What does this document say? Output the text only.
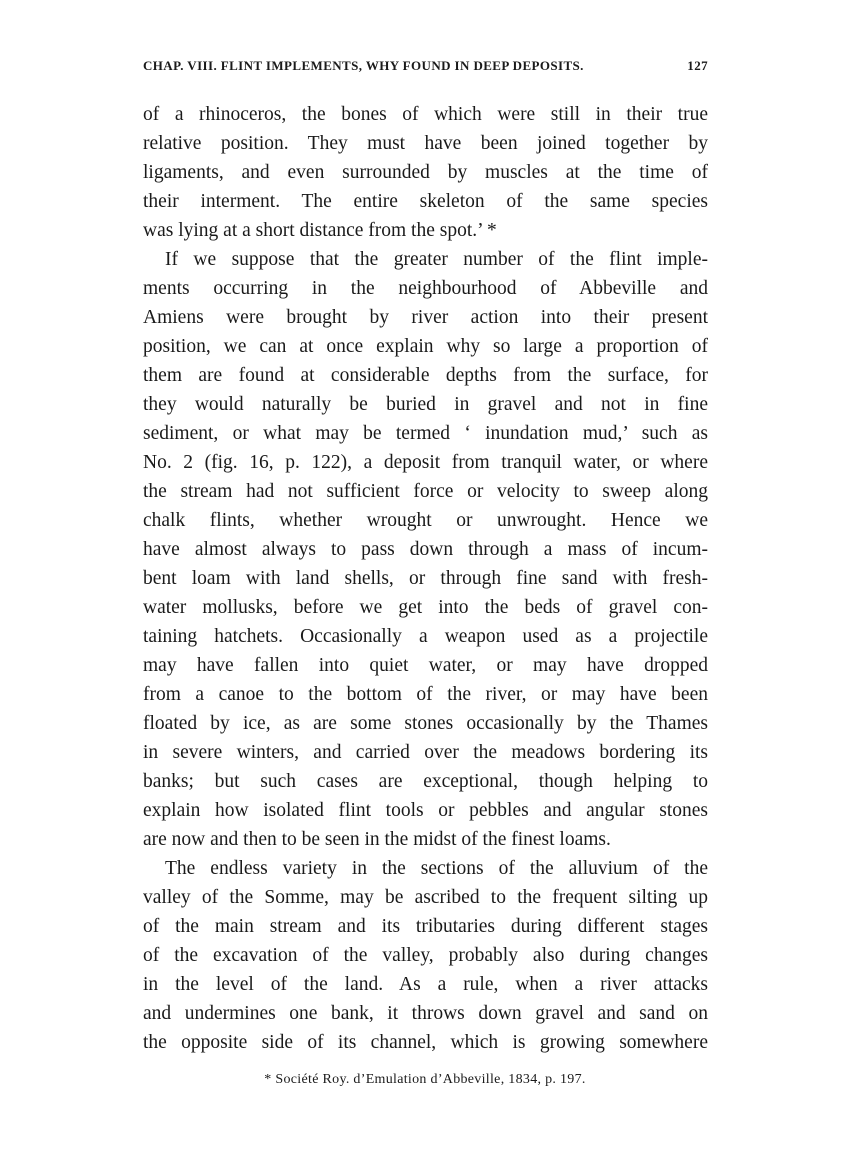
CHAP. VIII. FLINT IMPLEMENTS, WHY FOUND IN DEEP DEPOSITS.	127
of a rhinoceros, the bones of which were still in their true
relative position. They must have been joined together by
ligaments, and even surrounded by muscles at the time of
their interment. The entire skeleton of the same species
was lying at a short distance from the spot.’ *
If we suppose that the greater number of the flint imple-
ments occurring in the neighbourhood of Abbeville and
Amiens were brought by river action into their present
position, we can at once explain why so large a proportion of
them are found at considerable depths from the surface, for
they would naturally be buried in gravel and not in fine
sediment, or what may be termed ‘ inundation mud,’ such as
No. 2 (fig. 16, p. 122), a deposit from tranquil water, or where
the stream had not sufficient force or velocity to sweep along
chalk flints, whether wrought or unwrought. Hence we
have almost always to pass down through a mass of incum-
bent loam with land shells, or through fine sand with fresh-
water mollusks, before we get into the beds of gravel con-
taining hatchets. Occasionally a weapon used as a projectile
may have fallen into quiet water, or may have dropped
from a canoe to the bottom of the river, or may have been
floated by ice, as are some stones occasionally by the Thames
in severe winters, and carried over the meadows bordering its
banks; but such cases are exceptional, though helping to
explain how isolated flint tools or pebbles and angular stones
are now and then to be seen in the midst of the finest loams.
The endless variety in the sections of the alluvium of the
valley of the Somme, may be ascribed to the frequent silting up
of the main stream and its tributaries during different stages
of the excavation of the valley, probably also during changes
in the level of the land. As a rule, when a river attacks
and undermines one bank, it throws down gravel and sand on
the opposite side of its channel, which is growing somewhere
* Société Roy. d’Emulation d’Abbeville, 1834, p. 197.
